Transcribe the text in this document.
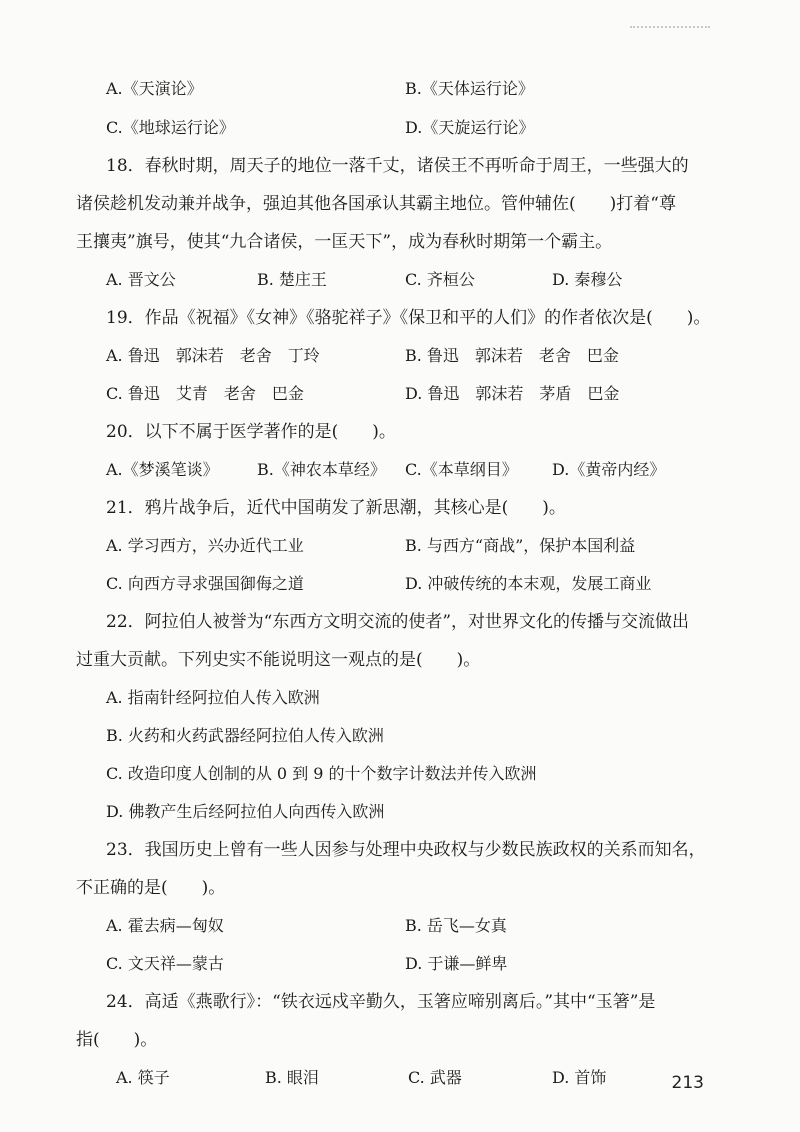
A.《天演论》	B.《天体运行论》
C.《地球运行论》	D.《天旋运行论》
18．春秋时期，周天子的地位一落千丈，诸侯王不再听命于周王，一些强大的
诸侯趁机发动兼并战争，强迫其他各国承认其霸主地位。管仲辅佐(　　)打着“尊
王攘夷”旗号，使其“九合诸侯，一匡天下”，成为春秋时期第一个霸主。
A. 晋文公	B. 楚庄王	C. 齐桓公	D. 秦穆公
19．作品《祝福》《女神》《骆驼祥子》《保卫和平的人们》的作者依次是(　　)。
A. 鲁迅　郭沫若　老舍　丁玲	B. 鲁迅　郭沫若　老舍　巴金
C. 鲁迅　艾青　老舍　巴金	D. 鲁迅　郭沫若　茅盾　巴金
20．以下不属于医学著作的是(　　)。
A.《梦溪笔谈》 B.《神农本草经》 C.《本草纲目》 D.《黄帝内经》
21．鸦片战争后，近代中国萌发了新思潮，其核心是(　　)。
A. 学习西方，兴办近代工业	B. 与西方“商战”，保护本国利益
C. 向西方寻求强国御侮之道	D. 冲破传统的本末观，发展工商业
22．阿拉伯人被誉为“东西方文明交流的使者”，对世界文化的传播与交流做出
过重大贡献。下列史实不能说明这一观点的是(　　)。
A. 指南针经阿拉伯人传入欧洲
B. 火药和火药武器经阿拉伯人传入欧洲
C. 改造印度人创制的从 0 到 9 的十个数字计数法并传入欧洲
D. 佛教产生后经阿拉伯人向西传入欧洲
23．我国历史上曾有一些人因参与处理中央政权与少数民族政权的关系而知名，
不正确的是(　　)。
A. 霍去病—匈奴	B. 岳飞—女真
C. 文天祥—蒙古	D. 于谦—鲜卑
24．高适《燕歌行》：“铁衣远戍辛勤久，玉箸应啼别离后。”其中“玉箸”是
指(　　)。
A. 筷子	B. 眼泪	C. 武器	D. 首饰	213
